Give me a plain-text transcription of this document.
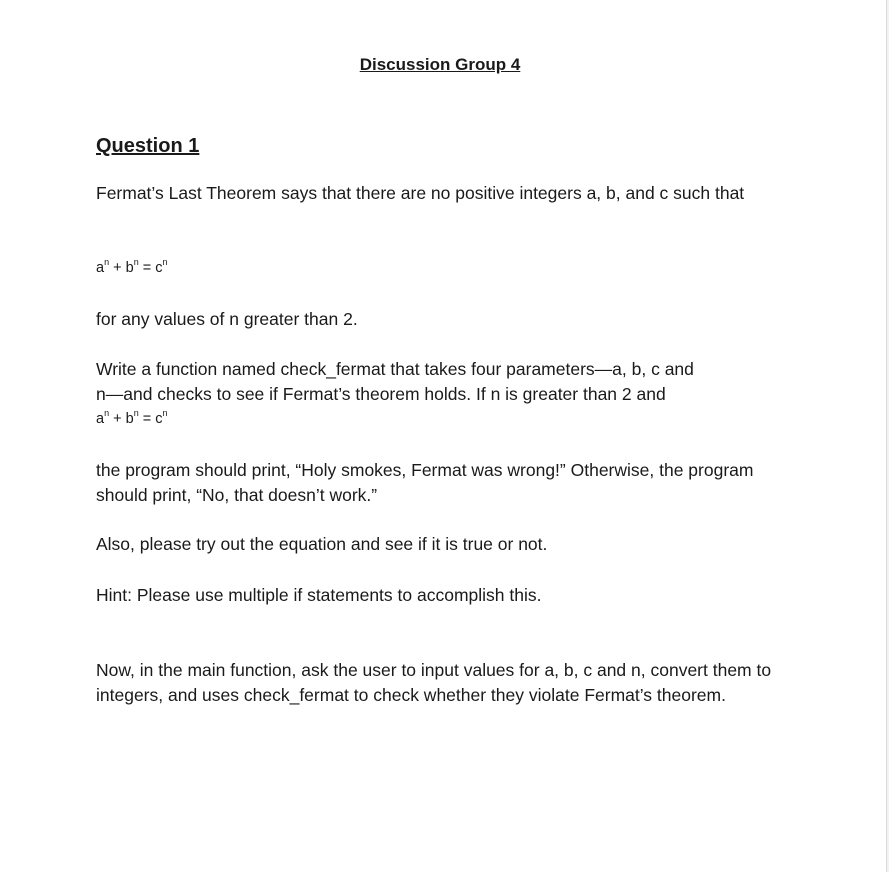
Discussion Group 4
Question 1

Fermat’s Last Theorem says that there are no positive integers a, b, and c such that

$a^n + b^n = c^n$

for any values of n greater than 2.

Write a function named check_fermat that takes four parameters—a, b, c and

n—and checks to see if Fermat’s theorem holds. If n is greater than 2 and

$a^n + b^n = c^n$

the program should print, “Holy smokes, Fermat was wrong!” Otherwise, the program should print, “No, that doesn’t work.”

Also, please try out the equation and see if it is true or not.

Hint: Please use multiple if statements to accomplish this.

Now, in the main function, ask the user to input values for a, b, c and n, convert them to integers, and uses check_fermat to check whether they violate Fermat’s theorem.
